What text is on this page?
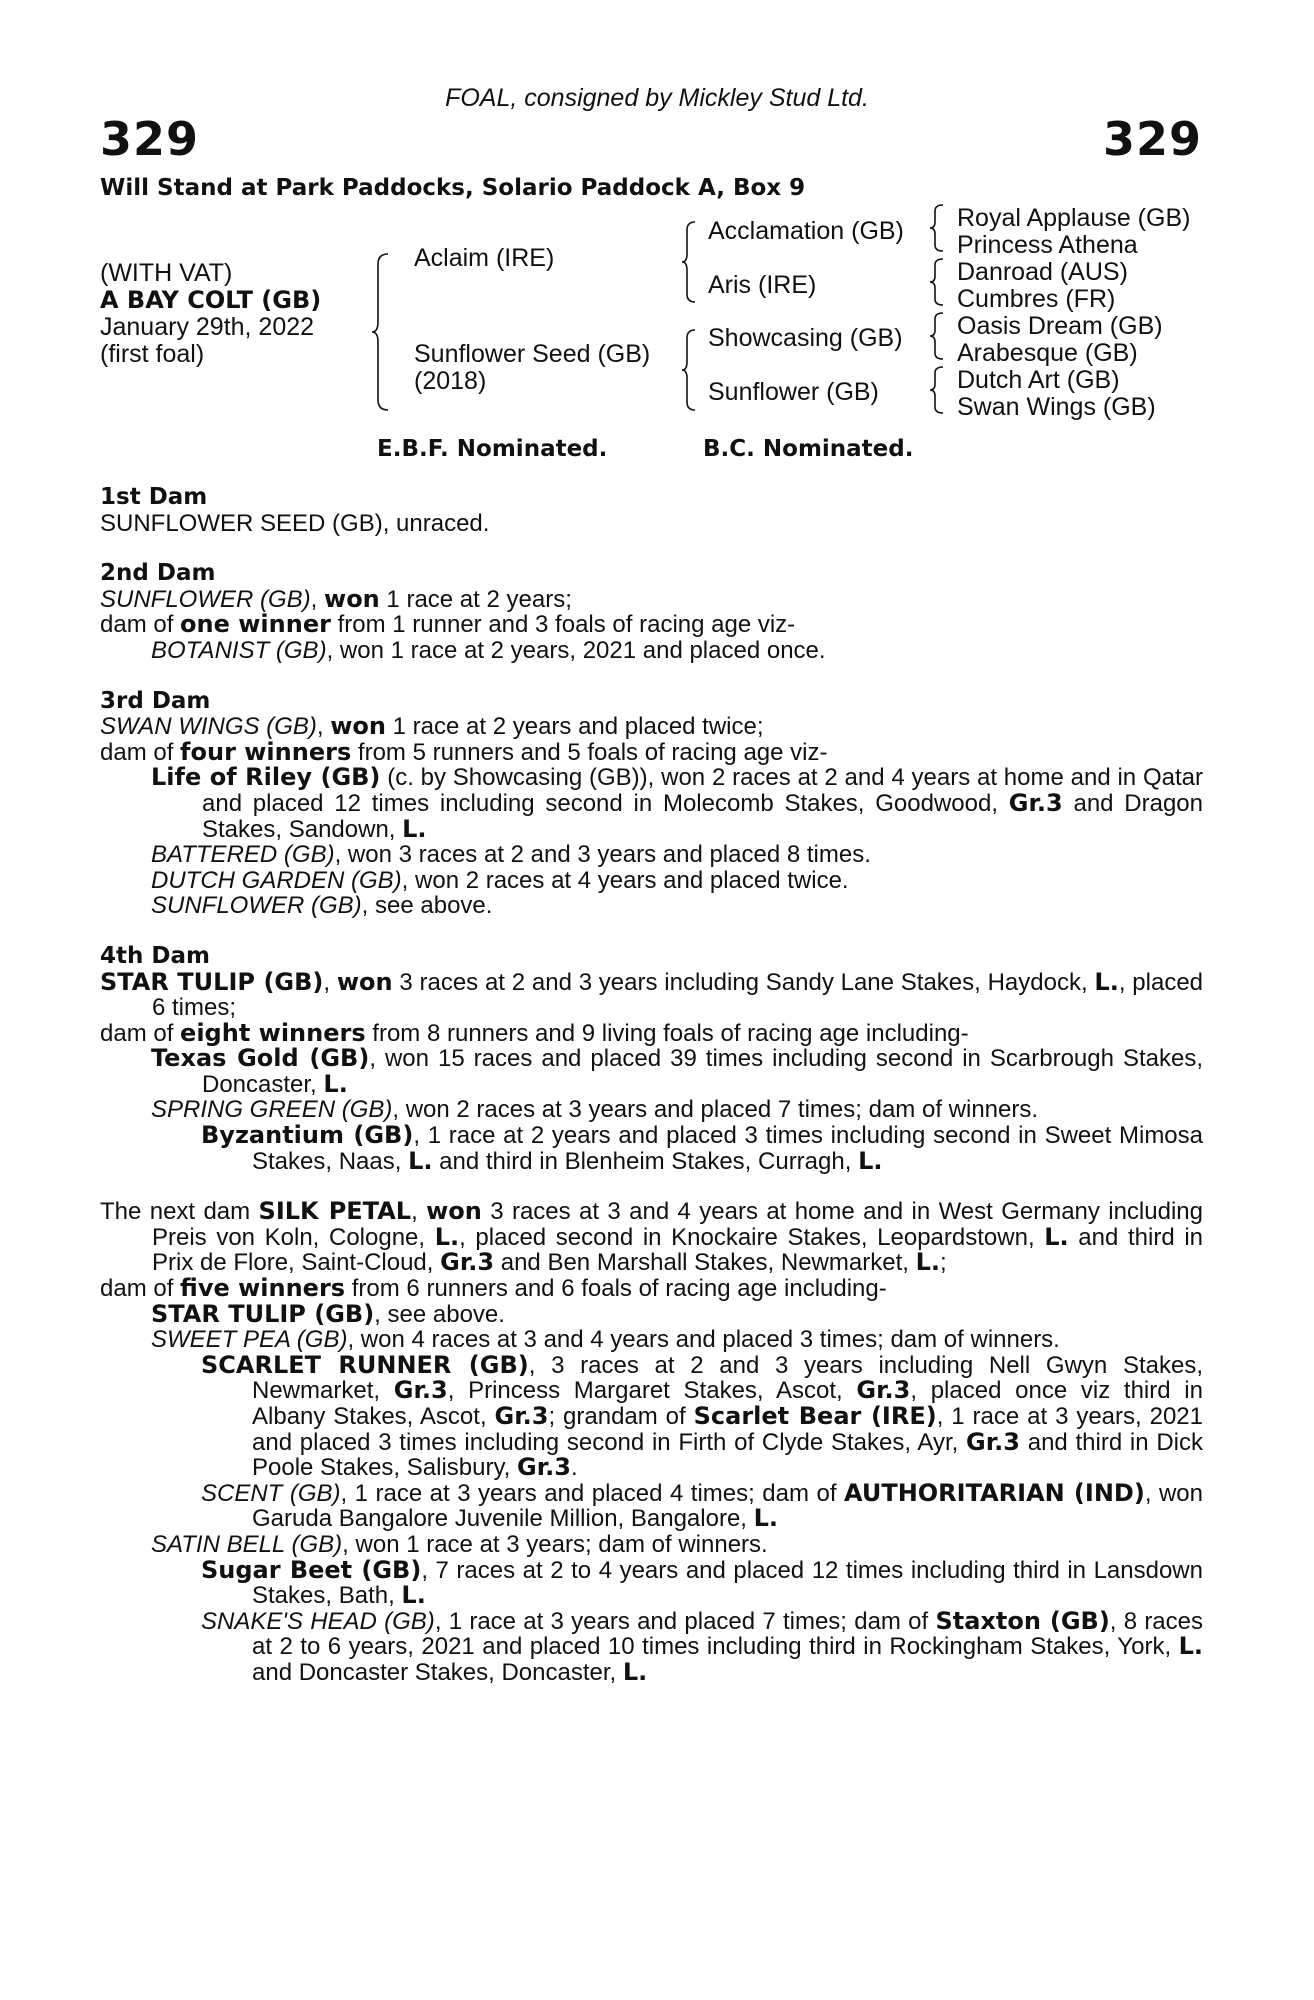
FOAL, consigned by Mickley Stud Ltd.
329	329
Will Stand at Park Paddocks, Solario Paddock A, Box 9
(WITH VAT)
A BAY COLT (GB)
January 29th, 2022
(first foal)
Aclaim (IRE)
Sunflower Seed (GB)
(2018)
Acclamation (GB)
Aris (IRE)
Showcasing (GB)
Sunflower (GB)
Royal Applause (GB)
Princess Athena
Danroad (AUS)
Cumbres (FR)
Oasis Dream (GB)
Arabesque (GB)
Dutch Art (GB)
Swan Wings (GB)
E.B.F. Nominated.	B.C. Nominated.

1st Dam

SUNFLOWER SEED (GB), unraced.

2nd Dam

SUNFLOWER (GB), won 1 race at 2 years;

dam of one winner from 1 runner and 3 foals of racing age viz-

BOTANIST (GB), won 1 race at 2 years, 2021 and placed once.

3rd Dam

SWAN WINGS (GB), won 1 race at 2 years and placed twice;

dam of four winners from 5 runners and 5 foals of racing age viz-

Life of Riley (GB) (c. by Showcasing (GB)), won 2 races at 2 and 4 years at home and in Qatar and placed 12 times including second in Molecomb Stakes, Goodwood, Gr.3 and Dragon Stakes, Sandown, L.

BATTERED (GB), won 3 races at 2 and 3 years and placed 8 times.

DUTCH GARDEN (GB), won 2 races at 4 years and placed twice.

SUNFLOWER (GB), see above.

4th Dam

STAR TULIP (GB), won 3 races at 2 and 3 years including Sandy Lane Stakes, Haydock, L., placed 6 times;

dam of eight winners from 8 runners and 9 living foals of racing age including-

Texas Gold (GB), won 15 races and placed 39 times including second in Scarbrough Stakes, Doncaster, L.

SPRING GREEN (GB), won 2 races at 3 years and placed 7 times; dam of winners.

Byzantium (GB), 1 race at 2 years and placed 3 times including second in Sweet Mimosa Stakes, Naas, L. and third in Blenheim Stakes, Curragh, L.

The next dam SILK PETAL, won 3 races at 3 and 4 years at home and in West Germany including Preis von Koln, Cologne, L., placed second in Knockaire Stakes, Leopardstown, L. and third in Prix de Flore, Saint-Cloud, Gr.3 and Ben Marshall Stakes, Newmarket, L.;

dam of five winners from 6 runners and 6 foals of racing age including-

STAR TULIP (GB), see above.

SWEET PEA (GB), won 4 races at 3 and 4 years and placed 3 times; dam of winners.

SCARLET RUNNER (GB), 3 races at 2 and 3 years including Nell Gwyn Stakes, Newmarket, Gr.3, Princess Margaret Stakes, Ascot, Gr.3, placed once viz third in Albany Stakes, Ascot, Gr.3; grandam of Scarlet Bear (IRE), 1 race at 3 years, 2021 and placed 3 times including second in Firth of Clyde Stakes, Ayr, Gr.3 and third in Dick Poole Stakes, Salisbury, Gr.3.

SCENT (GB), 1 race at 3 years and placed 4 times; dam of AUTHORITARIAN (IND), won Garuda Bangalore Juvenile Million, Bangalore, L.

SATIN BELL (GB), won 1 race at 3 years; dam of winners.

Sugar Beet (GB), 7 races at 2 to 4 years and placed 12 times including third in Lansdown Stakes, Bath, L.

SNAKE'S HEAD (GB), 1 race at 3 years and placed 7 times; dam of Staxton (GB), 8 races at 2 to 6 years, 2021 and placed 10 times including third in Rockingham Stakes, York, L. and Doncaster Stakes, Doncaster, L.
